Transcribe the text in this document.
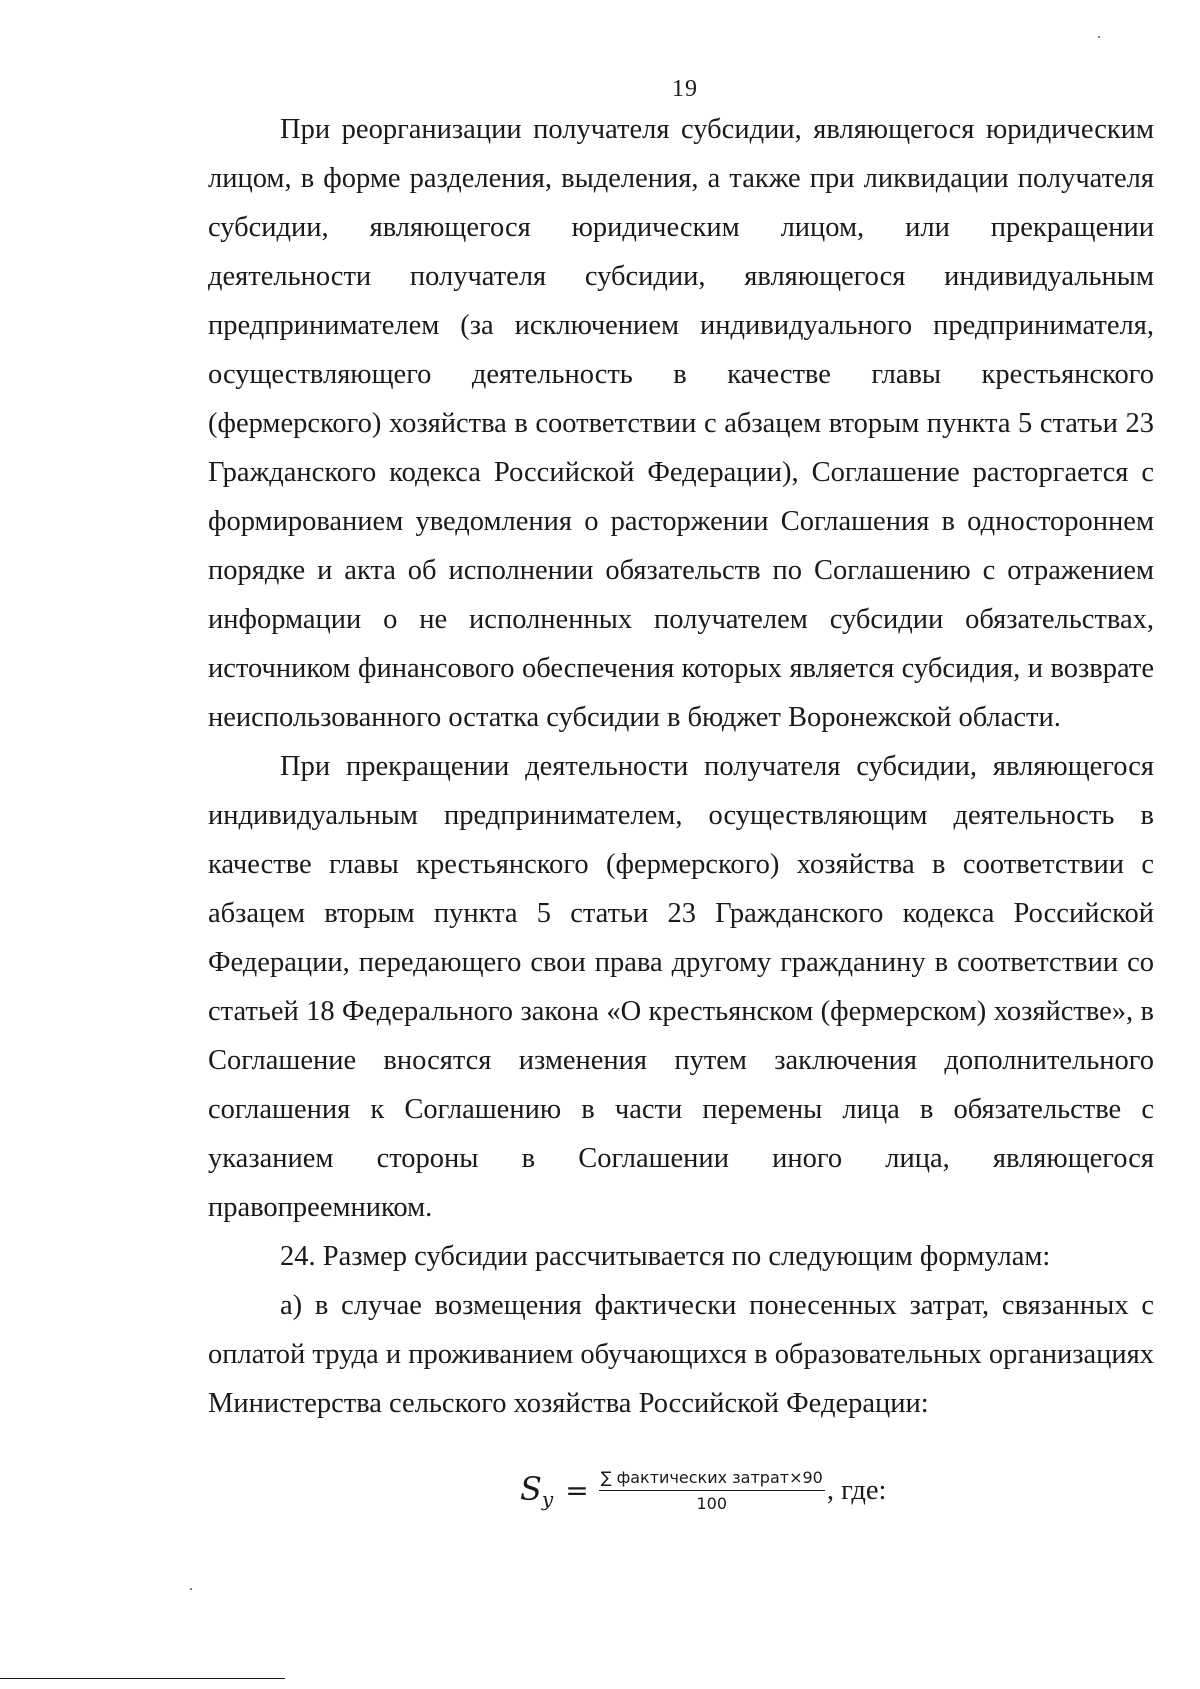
19

При реорганизации получателя субсидии, являющегося юридическим лицом, в форме разделения, выделения, а также при ликвидации получателя субсидии, являющегося юридическим лицом, или прекращении деятельности получателя субсидии, являющегося индивидуальным предпринимателем (за исключением индивидуального предпринимателя, осуществляющего деятельность в качестве главы крестьянского (фермерского) хозяйства в соответствии с абзацем вторым пункта 5 статьи 23 Гражданского кодекса Российской Федерации), Соглашение расторгается с формированием уведомления о расторжении Соглашения в одностороннем порядке и акта об исполнении обязательств по Соглашению с отражением информации о не исполненных получателем субсидии обязательствах, источником финансового обеспечения которых является субсидия, и возврате неиспользованного остатка субсидии в бюджет Воронежской области.

При прекращении деятельности получателя субсидии, являющегося индивидуальным предпринимателем, осуществляющим деятельность в качестве главы крестьянского (фермерского) хозяйства в соответствии с абзацем вторым пункта 5 статьи 23 Гражданского кодекса Российской Федерации, передающего свои права другому гражданину в соответствии со статьей 18 Федерального закона «О крестьянском (фермерском) хозяйстве», в Соглашение вносятся изменения путем заключения дополнительного соглашения к Соглашению в части перемены лица в обязательстве с указанием стороны в Соглашении иного лица, являющегося правопреемником.

24. Размер субсидии рассчитывается по следующим формулам:

а) в случае возмещения фактически понесенных затрат, связанных с оплатой труда и проживанием обучающихся в образовательных организациях Министерства сельского хозяйства Российской Федерации:

$S_y = \frac{\text{∑ фактических затрат×90}}{100}$ , где:
